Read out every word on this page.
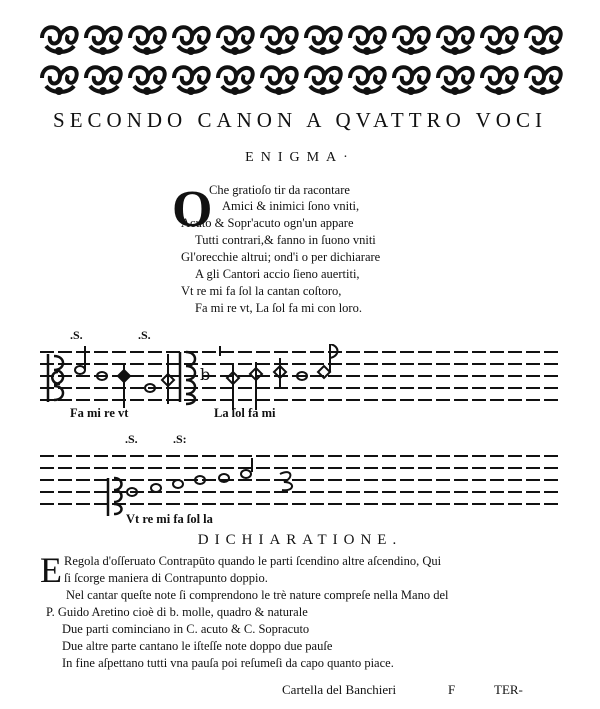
SECONDO CANON A QVATTRO VOCI
ENIGMA·
O
Che gratioſo tir da racontare
Amici & inimici ſono vniti,
Acuto & Sopr'acuto ogn'un appare
Tutti contrari,& fanno in ſuono vniti
Gl'orecchie altrui; ond'i o per dichiarare
A gli Cantori accio ſieno auertiti,
Vt re mi fa ſol la cantan coſtoro,
Fa mi re vt, La ſol fa mi con loro.
.S.	.S.
b
Fa mi re vt	La ſol fa mi
.S.	.S:
Vt re mi fa ſol la
DICHIARATIONE.
E Regola d'oſſeruato Contrapūto quando le parti ſcendino altre aſcendino, Qui
ſi ſcorge maniera di Contrapunto doppio.
Nel cantar queſte note ſi comprendono le trè nature compreſe nella Mano del
P. Guido Aretino cioè di b. molle, quadro & naturale
Due parti cominciano in C. acuto & C. Sopracuto
Due altre parte cantano le iſteſſe note doppo due pauſe
In fine aſpettano tutti vna pauſa poi reſumeſi da capo quanto piace.
Cartella del Banchieri	F	TER-
